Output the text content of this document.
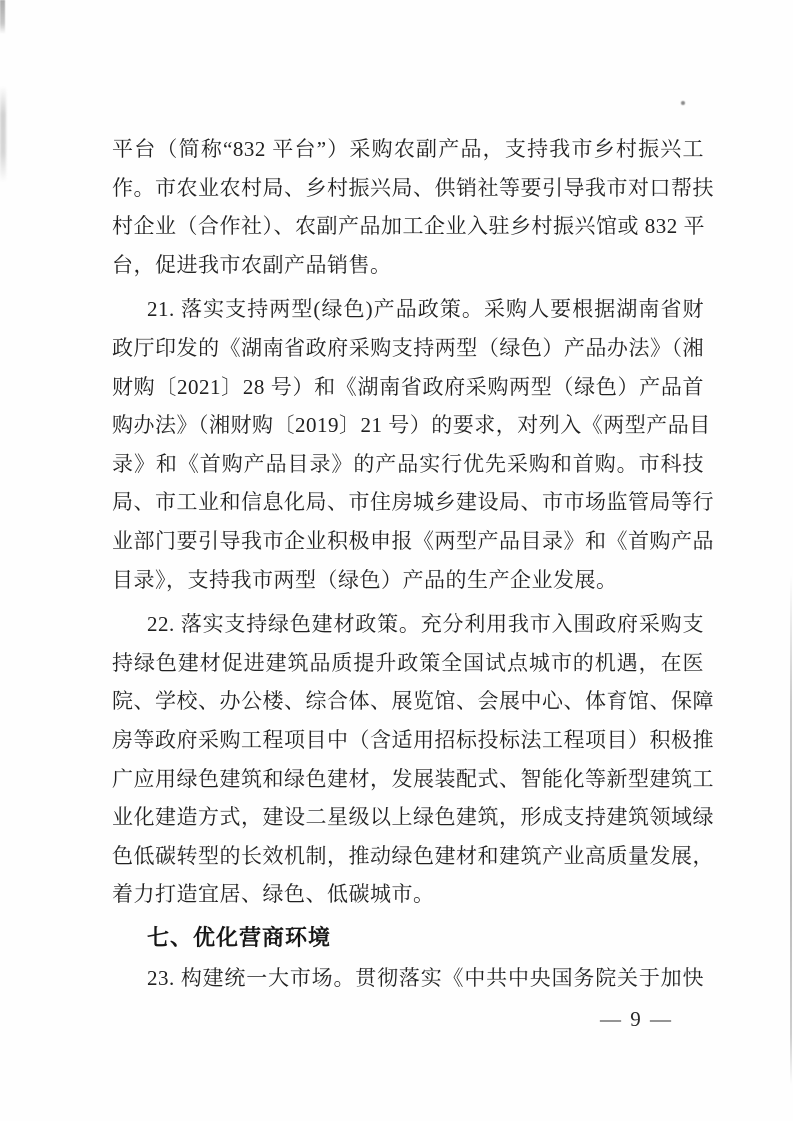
平台（简称“832 平台”）采购农副产品，支持我市乡村振兴工
作。市农业农村局、乡村振兴局、供销社等要引导我市对口帮扶
村企业（合作社）、农副产品加工企业入驻乡村振兴馆或 832 平
台，促进我市农副产品销售。

21. 落实支持两型(绿色)产品政策。采购人要根据湖南省财
政厅印发的《湖南省政府采购支持两型（绿色）产品办法》（湘
财购〔2021〕28 号）和《湖南省政府采购两型（绿色）产品首
购办法》（湘财购〔2019〕21 号）的要求，对列入《两型产品目
录》和《首购产品目录》的产品实行优先采购和首购。市科技
局、市工业和信息化局、市住房城乡建设局、市市场监管局等行
业部门要引导我市企业积极申报《两型产品目录》和《首购产品
目录》，支持我市两型（绿色）产品的生产企业发展。

22. 落实支持绿色建材政策。充分利用我市入围政府采购支
持绿色建材促进建筑品质提升政策全国试点城市的机遇，在医
院、学校、办公楼、综合体、展览馆、会展中心、体育馆、保障
房等政府采购工程项目中（含适用招标投标法工程项目）积极推
广应用绿色建筑和绿色建材，发展装配式、智能化等新型建筑工
业化建造方式，建设二星级以上绿色建筑，形成支持建筑领域绿
色低碳转型的长效机制，推动绿色建材和建筑产业高质量发展，
着力打造宜居、绿色、低碳城市。

七、优化营商环境

23. 构建统一大市场。贯彻落实《中共中央国务院关于加快

— 9 —
